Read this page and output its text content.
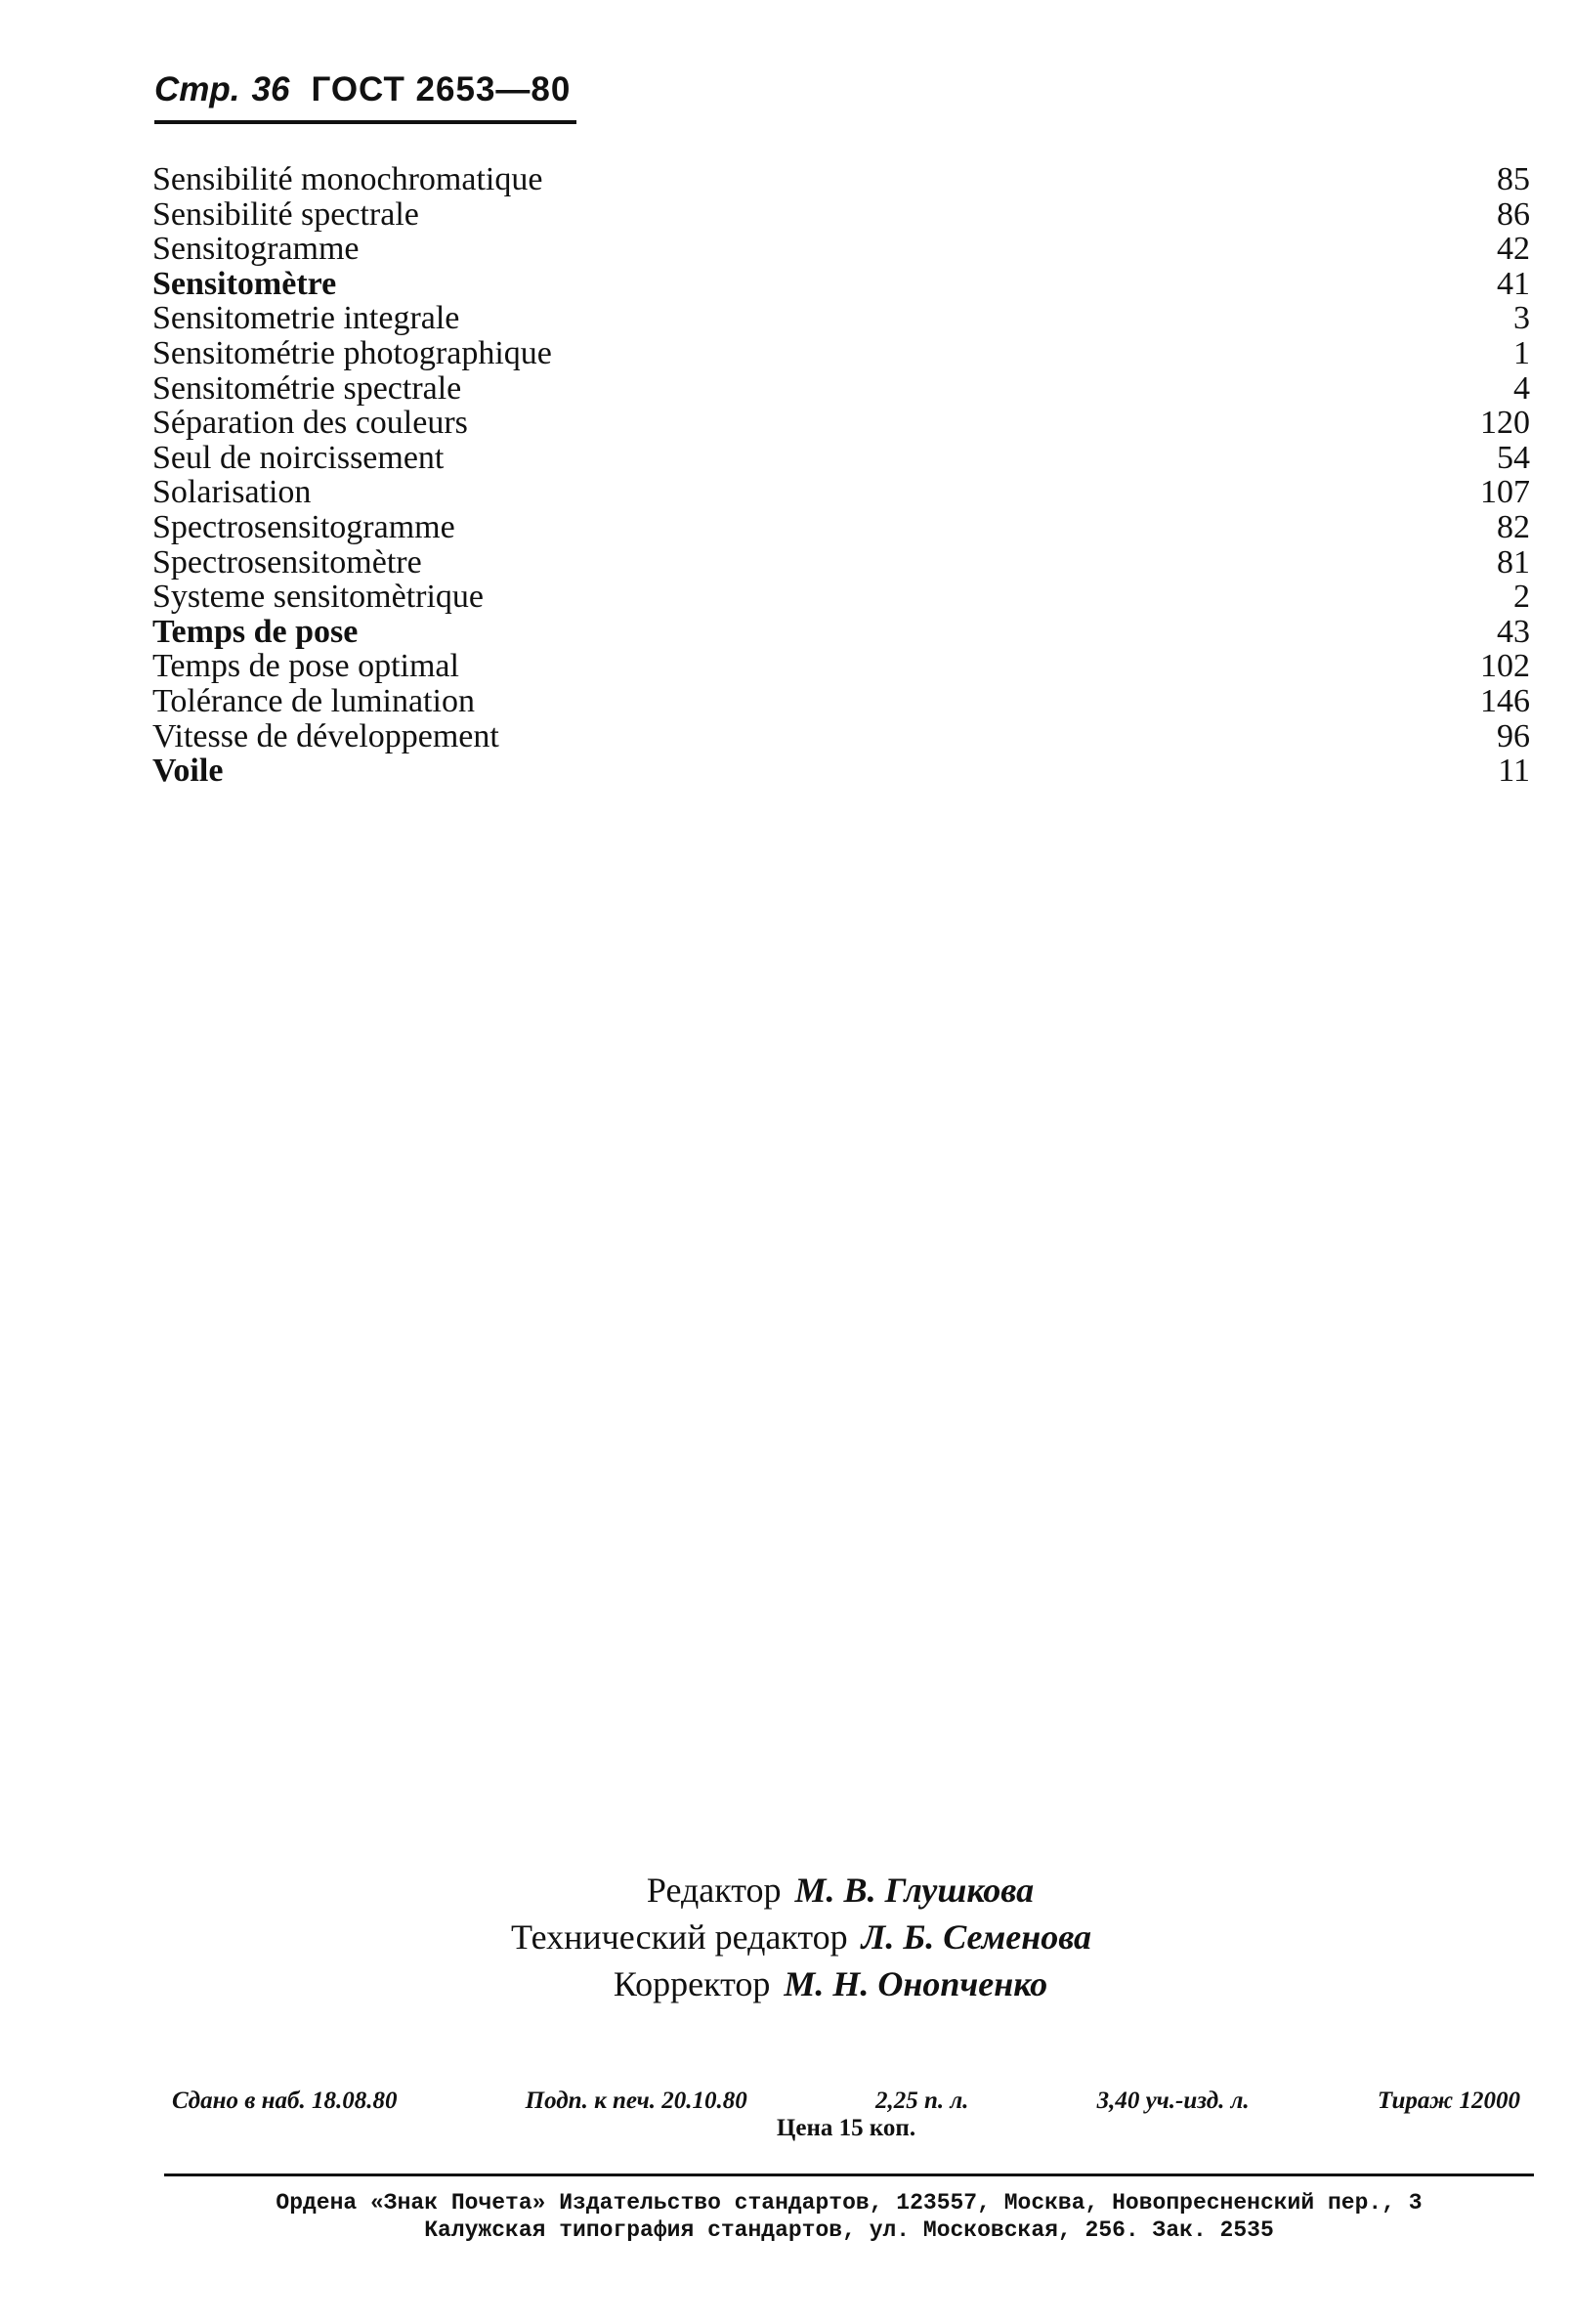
Стр. 36 ГОСТ 2653—80
Sensibilité monochromatique	85
Sensibilité spectrale	86
Sensitogramme	42
Sensitomètre	41
Sensitometrie integrale	3
Sensitométrie photographique	1
Sensitométrie spectrale	4
Séparation des couleurs	120
Seul de noircissement	54
Solarisation	107
Spectrosensitogramme	82
Spectrosensitomètre	81
Systeme sensitomètrique	2
Temps de pose	43
Temps de pose optimal	102
Tolérance de lumination	146
Vitesse de développement	96
Voile	11
Редактор М. В. Глушкова
Технический редактор Л. Б. Семенова
Корректор М. Н. Онопченко
Сдано в наб. 18.08.80	Подп. к печ. 20.10.80	2,25 п. л.	3,40 уч.-изд. л.	Тираж 12000
Цена 15 коп.
Ордена «Знак Почета» Издательство стандартов, 123557, Москва, Новопресненский пер., 3
Калужская типография стандартов, ул. Московская, 256. Зак. 2535
